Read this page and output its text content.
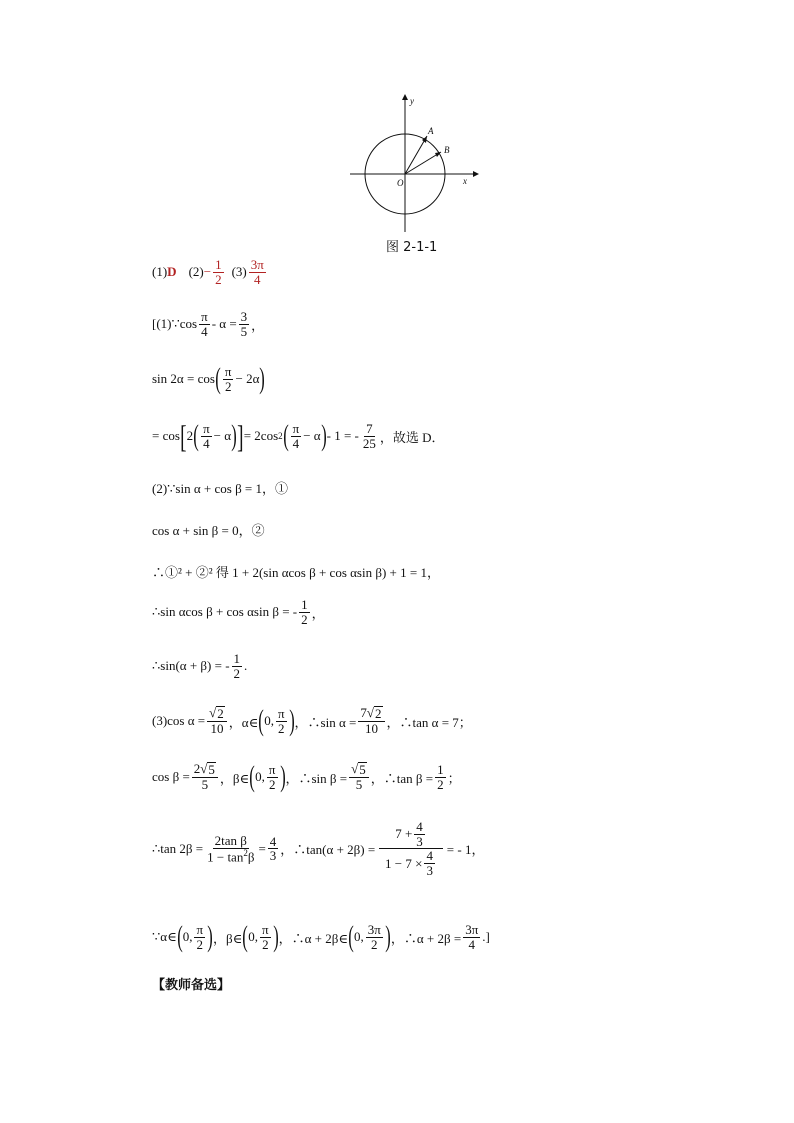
y
x
O
A
B
图 2-1-1
(1) D $(2) - \frac{1}{2} (3) \frac{3\pi}{4}$
[(1)∵ $\cos \frac{\pi}{4} - \alpha = \frac{3}{5}$ ，
sin 2α = cos ( $\frac{\pi}{2} - 2\alpha$ )
= cos [ 2 ( $\frac{\pi}{4} - \alpha$ ) ] = 2cos 2 ( $\frac{\pi}{4} - \alpha$ ) - 1 = - $\frac{7}{25}$ ，故选 D．
(2)∵sin α + cos β = 1，①
cos α + sin β = 0，②
∴①² + ②² 得 1 + 2(sin αcos β + cos αsin β) + 1 = 1，
∴sin αcos β + cos αsin β = - $\frac{1}{2}$ ，
∴sin(α + β) = - $\frac{1}{2}$ .
(3)cos $\alpha = \frac{√ 2}{10}$ ，α∈ ( 0, $\frac{\pi}{2}$ ) ，∴sin $\alpha = \frac{7√ 2}{10}$ ，∴tan α = 7；
$\cos \beta = \frac{2√ 5}{5}$ ，β∈ ( 0, $\frac{\pi}{2}$ ) ，∴sin $\beta = \frac{√ 5}{5}$ ，∴tan $\beta = \frac{1}{2}$ ；
∴tan $2\beta = \frac{\text{2tan β}}{1 - \tan^2\beta} = \frac{4}{3}$ ，∴tan(α + $2\beta) = \frac{7 + \frac{4}{3}}{1 - 7 \times \frac{4}{3}}$ = - 1，
∵α∈ ( 0, $\frac{\pi}{2}$ ) ，β∈ ( 0, $\frac{\pi}{2}$ ) ，∴α + 2β∈ ( 0, $\frac{3\pi}{2}$ ) ，∴α + $2\beta = \frac{3\pi}{4}$ .]
【教师备选】
